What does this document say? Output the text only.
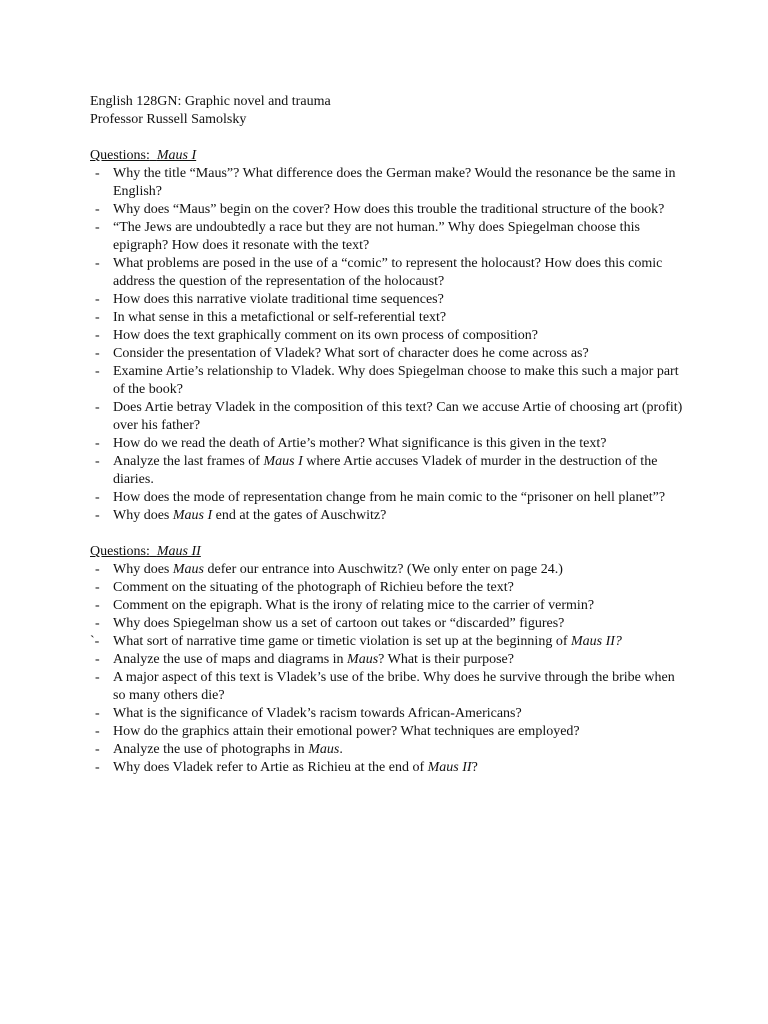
English 128GN: Graphic novel and trauma
Professor Russell Samolsky
Questions: Maus I
- Why the title “Maus”? What difference does the German make? Would the resonance be the same in English?
- Why does “Maus” begin on the cover? How does this trouble the traditional structure of the book?
- “The Jews are undoubtedly a race but they are not human.” Why does Spiegelman choose this epigraph? How does it resonate with the text?
- What problems are posed in the use of a “comic” to represent the holocaust? How does this comic address the question of the representation of the holocaust?
- How does this narrative violate traditional time sequences?
- In what sense in this a metafictional or self-referential text?
- How does the text graphically comment on its own process of composition?
- Consider the presentation of Vladek? What sort of character does he come across as?
- Examine Artie’s relationship to Vladek. Why does Spiegelman choose to make this such a major part of the book?
- Does Artie betray Vladek in the composition of this text? Can we accuse Artie of choosing art (profit) over his father?
- How do we read the death of Artie’s mother? What significance is this given in the text?
- Analyze the last frames of Maus I where Artie accuses Vladek of murder in the destruction of the diaries.
- How does the mode of representation change from he main comic to the “prisoner on hell planet”?
- Why does Maus I end at the gates of Auschwitz?
Questions: Maus II
- Why does Maus defer our entrance into Auschwitz? (We only enter on page 24.)
- Comment on the situating of the photograph of Richieu before the text?
- Comment on the epigraph. What is the irony of relating mice to the carrier of vermin?
- Why does Spiegelman show us a set of cartoon out takes or “discarded” figures?
`- What sort of narrative time game or timetic violation is set up at the beginning of Maus II?
- Analyze the use of maps and diagrams in Maus? What is their purpose?
- A major aspect of this text is Vladek’s use of the bribe. Why does he survive through the bribe when so many others die?
- What is the significance of Vladek’s racism towards African-Americans?
- How do the graphics attain their emotional power? What techniques are employed?
- Analyze the use of photographs in Maus.
- Why does Vladek refer to Artie as Richieu at the end of Maus II?
